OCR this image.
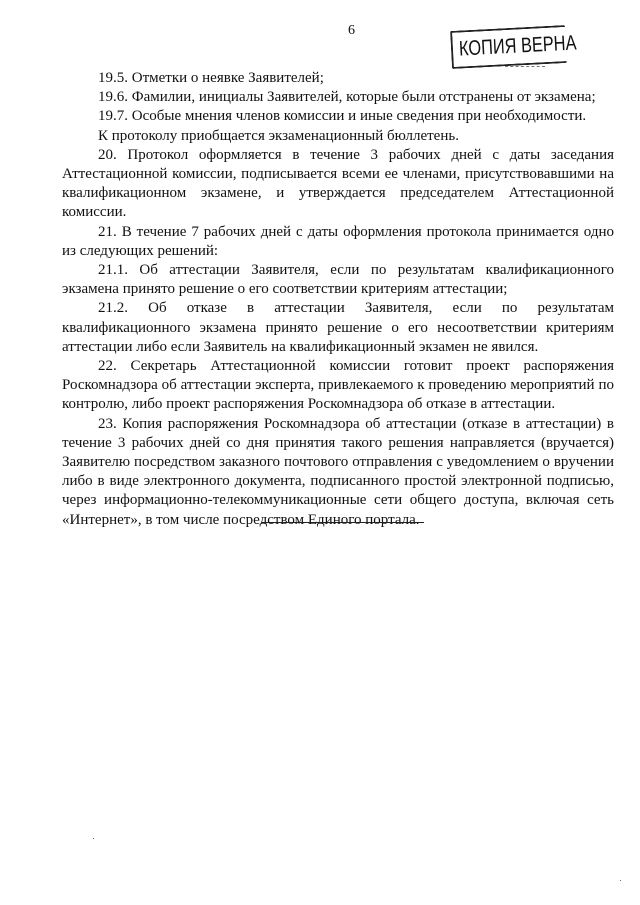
6
КОПИЯ ВЕРНА

19.5. Отметки о неявке Заявителей;

19.6. Фамилии, инициалы Заявителей, которые были отстранены от экзамена;

19.7. Особые мнения членов комиссии и иные сведения при необходимости.

К протоколу приобщается экзаменационный бюллетень.

20. Протокол оформляется в течение 3 рабочих дней с даты заседания Аттестационной комиссии, подписывается всеми ее членами, присутствовавшими на квалификационном экзамене, и утверждается председателем Аттестационной комиссии.

21. В течение 7 рабочих дней с даты оформления протокола принимается одно из следующих решений:

21.1. Об аттестации Заявителя, если по результатам квалификационного экзамена принято решение о его соответствии критериям аттестации;

21.2. Об отказе в аттестации Заявителя, если по результатам квалификационного экзамена принято решение о его несоответствии критериям аттестации либо если Заявитель на квалификационный экзамен не явился.

22. Секретарь Аттестационной комиссии готовит проект распоряжения Роскомнадзора об аттестации эксперта, привлекаемого к проведению мероприятий по контролю, либо проект распоряжения Роскомнадзора об отказе в аттестации.

23. Копия распоряжения Роскомнадзора об аттестации (отказе в аттестации) в течение 3 рабочих дней со дня принятия такого решения направляется (вручается) Заявителю посредством заказного почтового отправления с уведомлением о вручении либо в виде электронного документа, подписанного простой электронной подписью, через информационно-телекоммуникационные сети общего доступа, включая сеть «Интернет», в том числе посредством Единого портала.
